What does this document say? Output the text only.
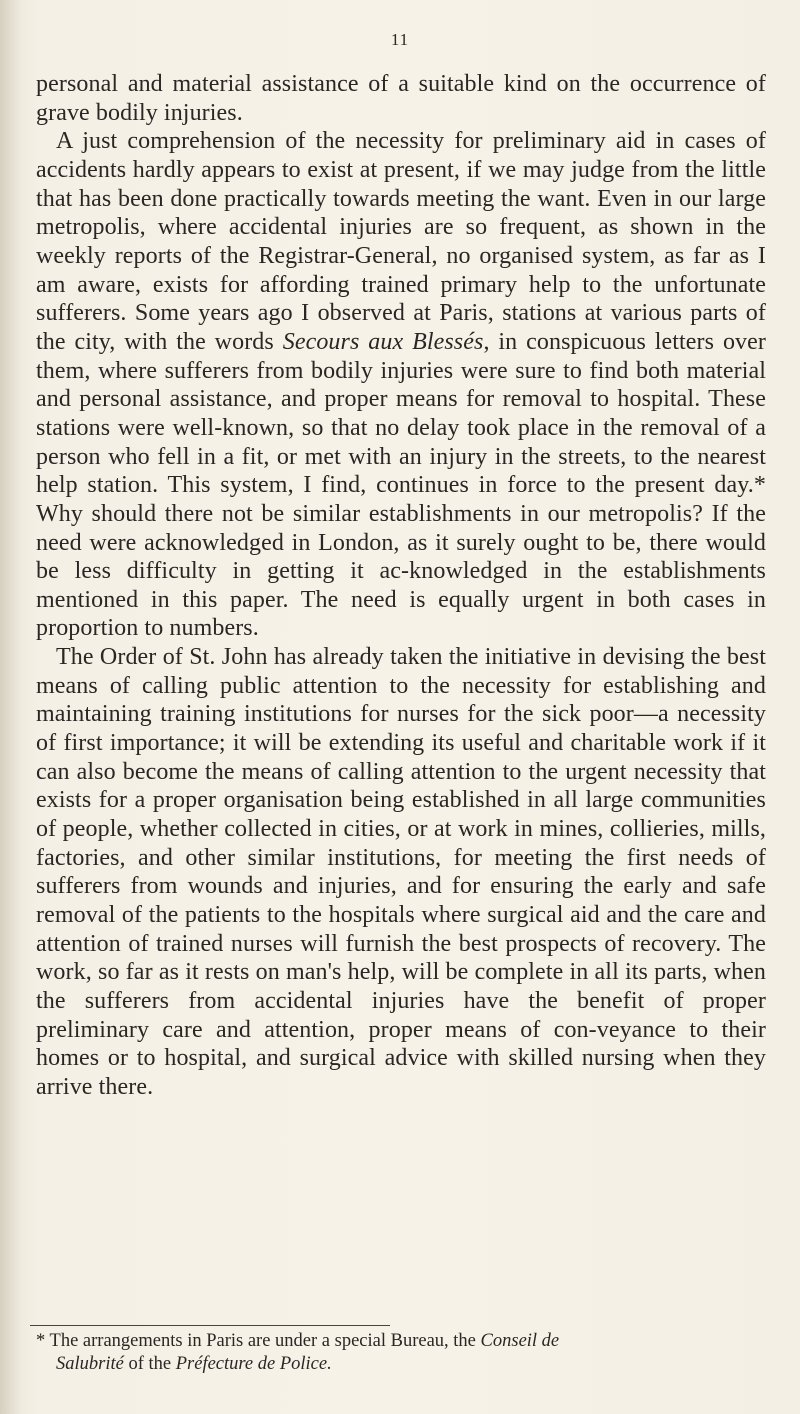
11

personal and material assistance of a suitable kind on the occurrence of grave bodily injuries.

A just comprehension of the necessity for preliminary aid in cases of accidents hardly appears to exist at present, if we may judge from the little that has been done practically towards meeting the want. Even in our large metropolis, where accidental injuries are so frequent, as shown in the weekly reports of the Registrar-General, no organised system, as far as I am aware, exists for affording trained primary help to the unfortunate sufferers. Some years ago I observed at Paris, stations at various parts of the city, with the words Secours aux Blessés, in conspicuous letters over them, where sufferers from bodily injuries were sure to find both material and personal assistance, and proper means for removal to hospital. These stations were well-known, so that no delay took place in the removal of a person who fell in a fit, or met with an injury in the streets, to the nearest help station. This system, I find, continues in force to the present day.* Why should there not be similar establishments in our metropolis? If the need were acknowledged in London, as it surely ought to be, there would be less difficulty in getting it ac-knowledged in the establishments mentioned in this paper. The need is equally urgent in both cases in proportion to numbers.

The Order of St. John has already taken the initiative in devising the best means of calling public attention to the necessity for establishing and maintaining training institutions for nurses for the sick poor—a necessity of first importance; it will be extending its useful and charitable work if it can also become the means of calling attention to the urgent necessity that exists for a proper organisation being established in all large communities of people, whether collected in cities, or at work in mines, collieries, mills, factories, and other similar institutions, for meeting the first needs of sufferers from wounds and injuries, and for ensuring the early and safe removal of the patients to the hospitals where surgical aid and the care and attention of trained nurses will furnish the best prospects of recovery. The work, so far as it rests on man's help, will be complete in all its parts, when the sufferers from accidental injuries have the benefit of proper preliminary care and attention, proper means of con-veyance to their homes or to hospital, and surgical advice with skilled nursing when they arrive there.

* The arrangements in Paris are under a special Bureau, the Conseil de
Salubrité of the Préfecture de Police.
